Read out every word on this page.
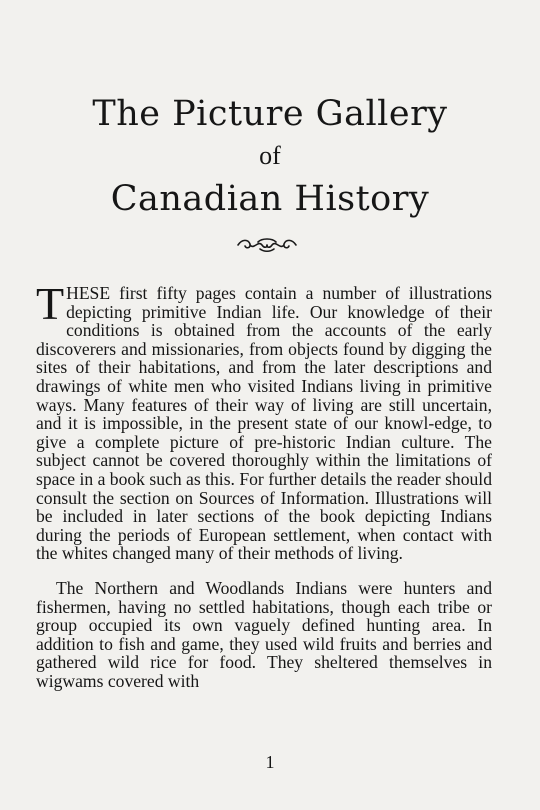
The Picture Gallery
of
Canadian History

THESE first fifty pages contain a number of illustrations depicting primitive Indian life. Our knowledge of their conditions is obtained from the accounts of the early discoverers and missionaries, from objects found by digging the sites of their habitations, and from the later descriptions and drawings of white men who visited Indians living in primitive ways. Many features of their way of living are still uncertain, and it is impossible, in the present state of our knowl-edge, to give a complete picture of pre-historic Indian culture. The subject cannot be covered thoroughly within the limitations of space in a book such as this. For further details the reader should consult the section on Sources of Information. Illustrations will be included in later sections of the book depicting Indians during the periods of European settlement, when contact with the whites changed many of their methods of living.

The Northern and Woodlands Indians were hunters and fishermen, having no settled habitations, though each tribe or group occupied its own vaguely defined hunting area. In addition to fish and game, they used wild fruits and berries and gathered wild rice for food. They sheltered themselves in wigwams covered with

1
